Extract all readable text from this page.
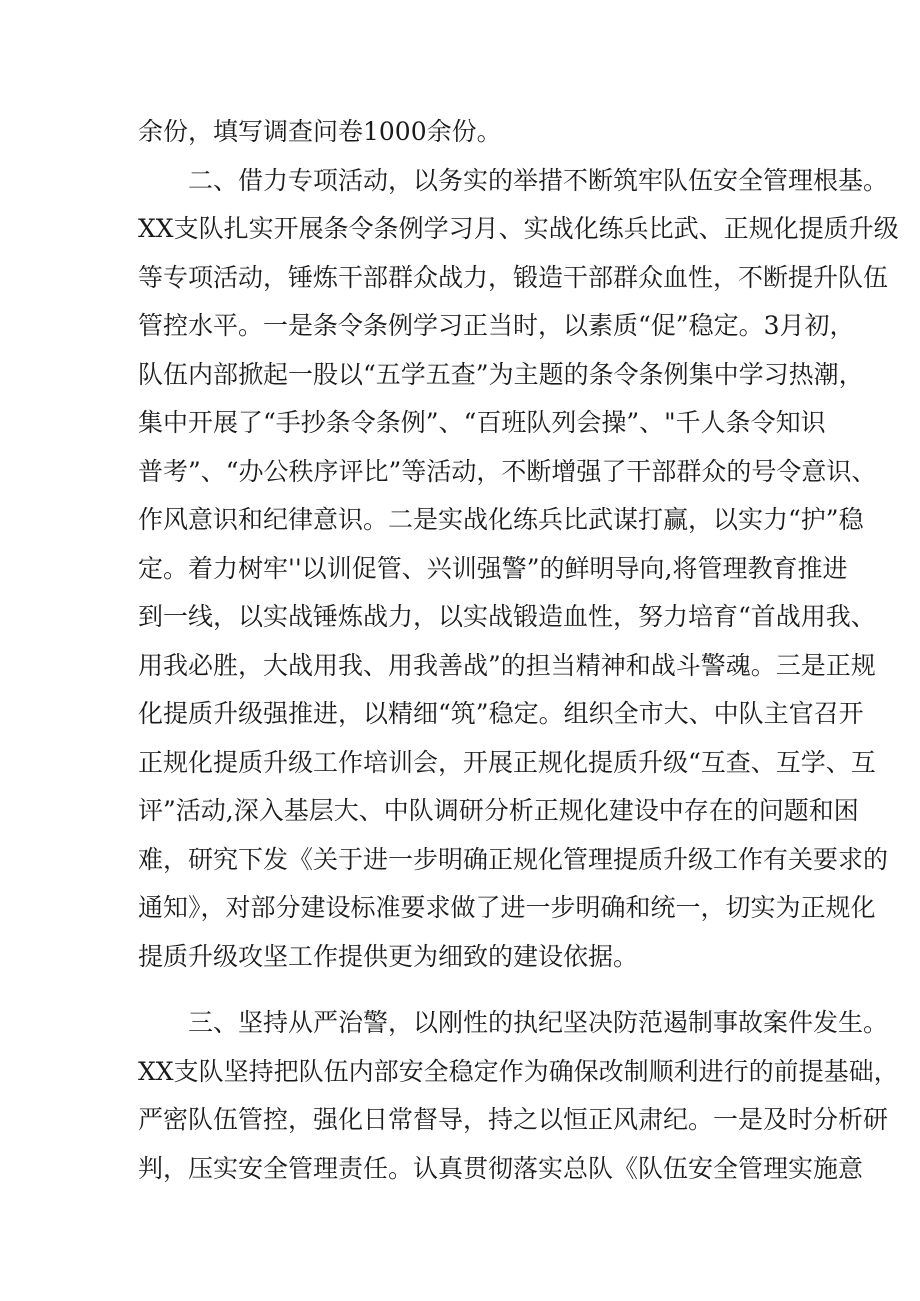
余份，填写调查问卷1000余份。
二、借力专项活动，以务实的举措不断筑牢队伍安全管理根基。
XX支队扎实开展条令条例学习月、实战化练兵比武、正规化提质升级
等专项活动，锤炼干部群众战力，锻造干部群众血性，不断提升队伍
管控水平。一是条令条例学习正当时，以素质“促”稳定。3月初，
队伍内部掀起一股以“五学五查”为主题的条令条例集中学习热潮，
集中开展了“手抄条令条例”、“百班队列会操”、"千人条令知识
普考”、“办公秩序评比”等活动，不断增强了干部群众的号令意识、
作风意识和纪律意识。二是实战化练兵比武谋打赢，以实力“护”稳
定。着力树牢''以训促管、兴训强警”的鲜明导向,将管理教育推进
到一线，以实战锤炼战力，以实战锻造血性，努力培育“首战用我、
用我必胜，大战用我、用我善战”的担当精神和战斗警魂。三是正规
化提质升级强推进，以精细“筑”稳定。组织全市大、中队主官召开
正规化提质升级工作培训会，开展正规化提质升级“互查、互学、互
评”活动,深入基层大、中队调研分析正规化建设中存在的问题和困
难，研究下发《关于进一步明确正规化管理提质升级工作有关要求的
通知》，对部分建设标准要求做了进一步明确和统一，切实为正规化
提质升级攻坚工作提供更为细致的建设依据。
三、坚持从严治警，以刚性的执纪坚决防范遏制事故案件发生。
XX支队坚持把队伍内部安全稳定作为确保改制顺利进行的前提基础，
严密队伍管控，强化日常督导，持之以恒正风肃纪。一是及时分析研
判，压实安全管理责任。认真贯彻落实总队《队伍安全管理实施意
